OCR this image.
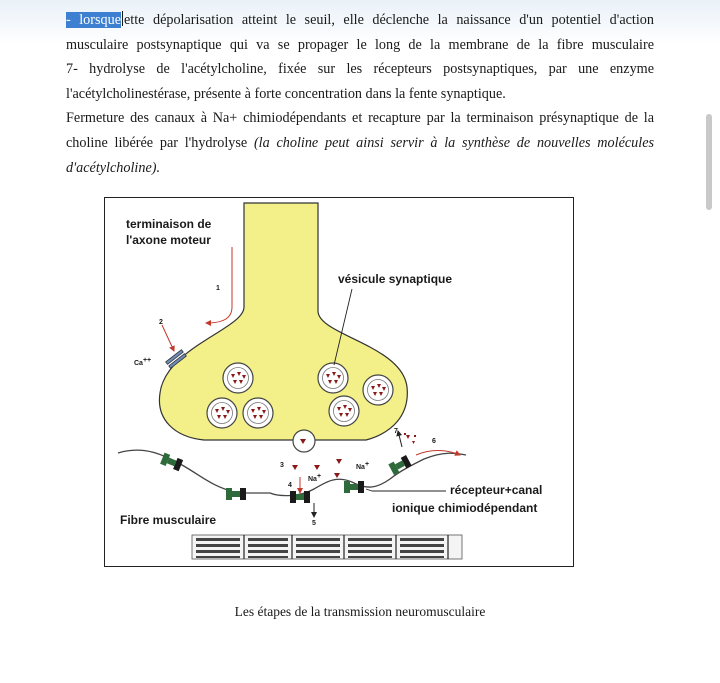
- lorsque ette dépolarisation atteint le seuil, elle déclenche la naissance d'un potentiel d'action
musculaire postsynaptique qui va se propager le long de la membrane de la fibre musculaire
7- hydrolyse de l'acétylcholine, fixée sur les récepteurs postsynaptiques, par une enzyme
l'acétylcholinestérase, présente à forte concentration dans la fente synaptique.
Fermeture des canaux à Na+ chimiodépendants et recapture par la terminaison présynaptique de la
choline libérée par l'hydrolyse (la choline peut ainsi servir à la synthèse de nouvelles molécules
d'acétylcholine).
terminaison de
l'axone moteur
vésicule synaptique
Ca++
Na+
Na+
récepteur+canal
ionique chimiodépendant
Fibre musculaire
1
2
3
4
5
6
7
Les étapes de la transmission neuromusculaire
